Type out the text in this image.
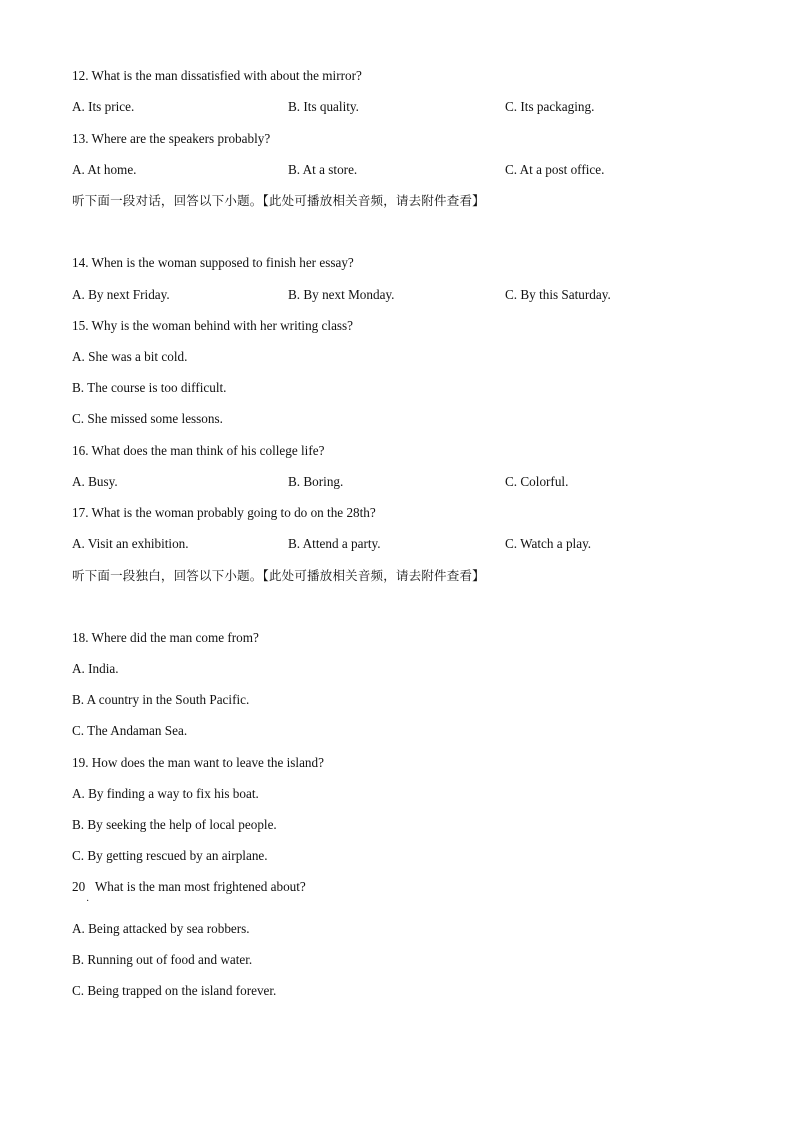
12. What is the man dissatisfied with about the mirror?
A. Its price.	B. Its quality.	C. Its packaging.
13. Where are the speakers probably?
A. At home.	B. At a store.	C. At a post office.
听下面一段对话，回答以下小题。【此处可播放相关音频，请去附件查看】
14. When is the woman supposed to finish her essay?
A. By next Friday.	B. By next Monday.	C. By this Saturday.
15. Why is the woman behind with her writing class?
A. She was a bit cold.
B. The course is too difficult.
C. She missed some lessons.
16. What does the man think of his college life?
A. Busy.	B. Boring.	C. Colorful.
17. What is the woman probably going to do on the 28th?
A. Visit an exhibition.	B. Attend a party.	C. Watch a play.
听下面一段独白，回答以下小题。【此处可播放相关音频，请去附件查看】
18. Where did the man come from?
A. India.
B. A country in the South Pacific.
C. The Andaman Sea.
19. How does the man want to leave the island?
A. By finding a way to fix his boat.
B. By seeking the help of local people.
C. By getting rescued by an airplane.
20   What is the man most frightened about?
·
A. Being attacked by sea robbers.
B. Running out of food and water.
C. Being trapped on the island forever.
